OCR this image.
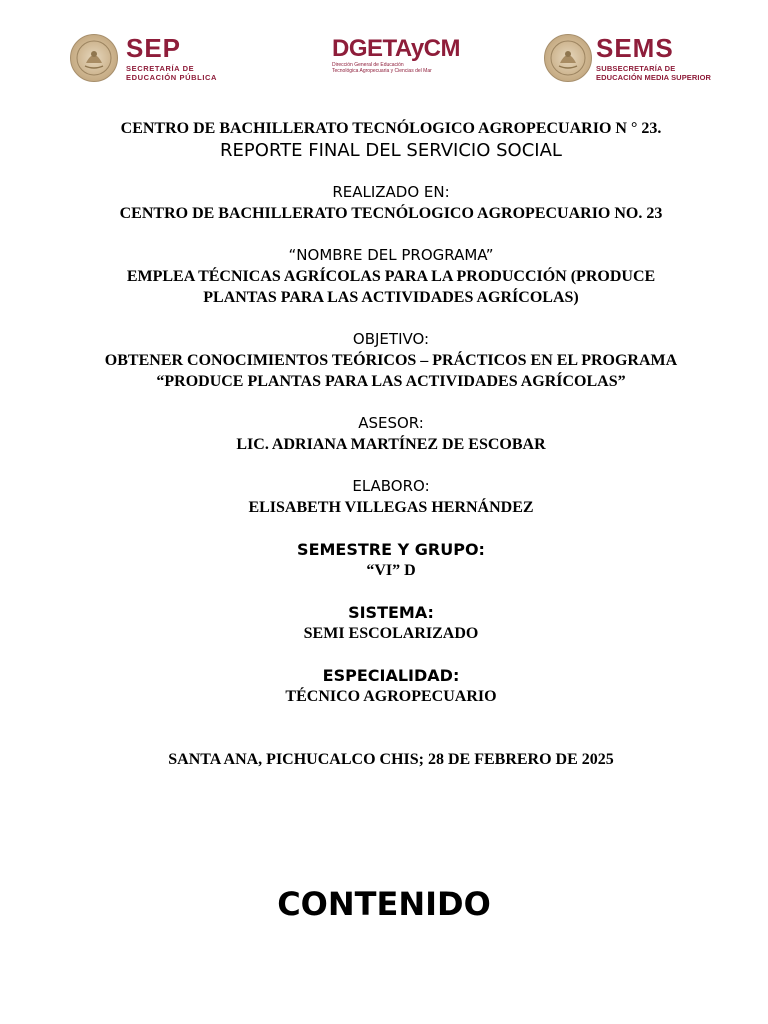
SEP
SECRETARÍA DE
EDUCACIÓN PÚBLICA
DGETAyCM
Dirección General de Educación
Tecnológica Agropecuaria y Ciencias del Mar
SEMS
SUBSECRETARÍA DE
EDUCACIÓN MEDIA SUPERIOR

CENTRO DE BACHILLERATO TECNÓLOGICO AGROPECUARIO N ° 23.

REPORTE FINAL DEL SERVICIO SOCIAL

REALIZADO EN:

CENTRO DE BACHILLERATO TECNÓLOGICO AGROPECUARIO NO. 23

“NOMBRE DEL PROGRAMA”

EMPLEA TÉCNICAS AGRÍCOLAS PARA LA PRODUCCIÓN (PRODUCE

PLANTAS PARA LAS ACTIVIDADES AGRÍCOLAS)

OBJETIVO:

OBTENER CONOCIMIENTOS TEÓRICOS – PRÁCTICOS EN EL PROGRAMA

“PRODUCE PLANTAS PARA LAS ACTIVIDADES AGRÍCOLAS”

ASESOR:

LIC. ADRIANA MARTÍNEZ DE ESCOBAR

ELABORO:

ELISABETH VILLEGAS HERNÁNDEZ

SEMESTRE Y GRUPO:

“VI” D

SISTEMA:

SEMI ESCOLARIZADO

ESPECIALIDAD:

TÉCNICO AGROPECUARIO

SANTA ANA, PICHUCALCO CHIS; 28 DE FEBRERO DE 2025

CONTENIDO
